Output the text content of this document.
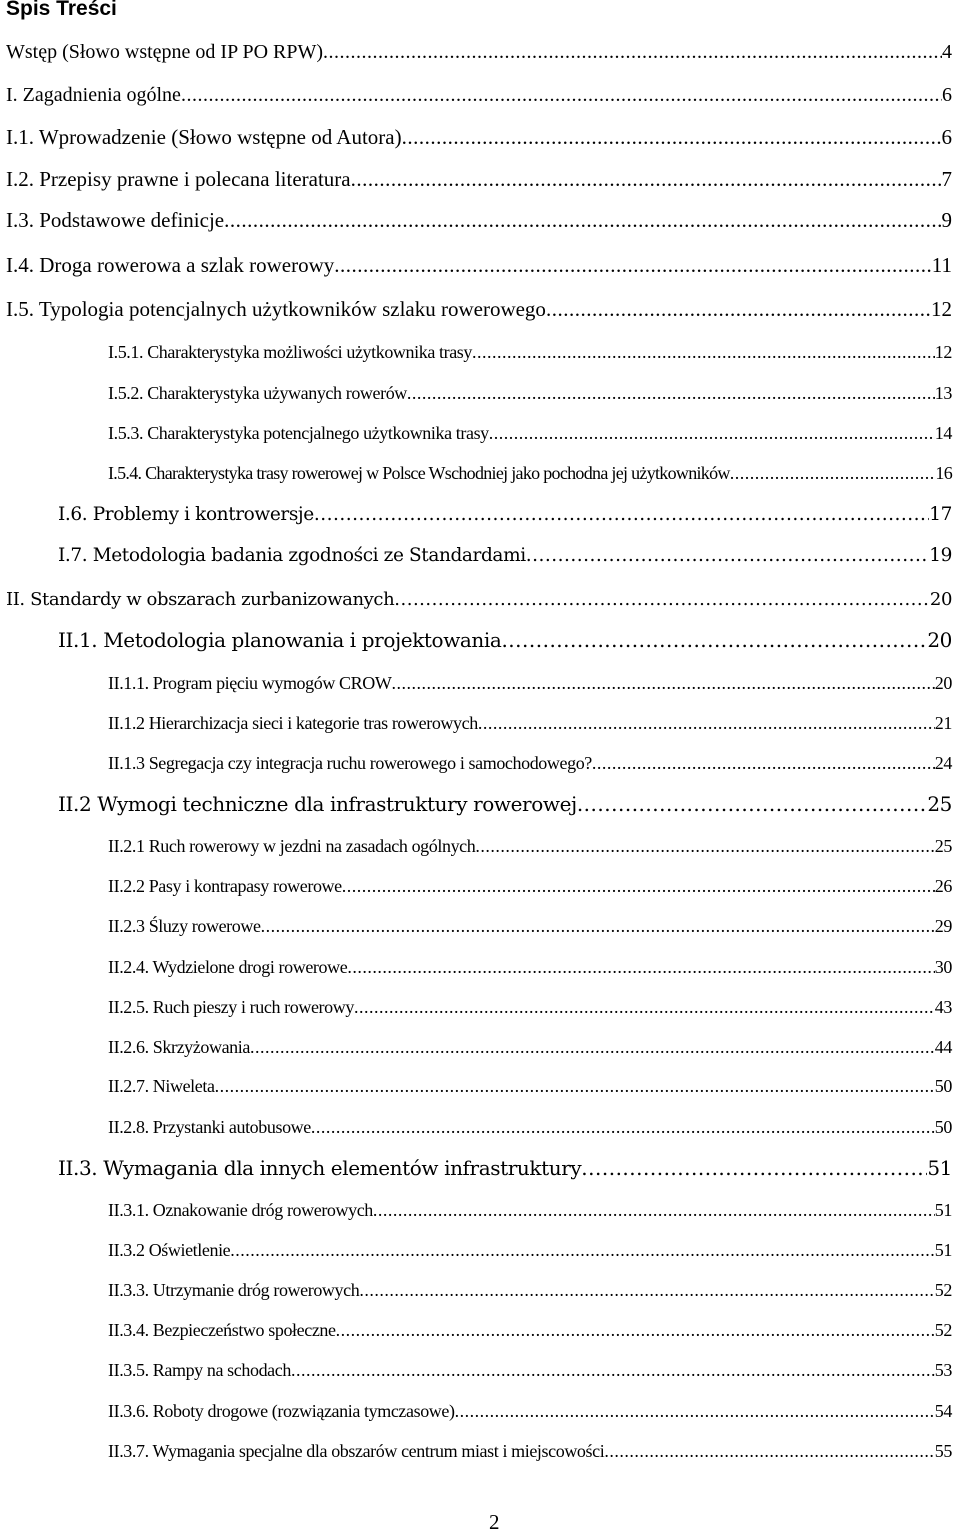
Spis Treści
Wstęp (Słowo wstępne od IP PO RPW) .....	4
I. Zagadnienia ogólne .....	6
I.1. Wprowadzenie (Słowo wstępne od Autora) .....	6
I.2. Przepisy prawne i polecana literatura .....	7
I.3. Podstawowe definicje .....	9
I.4. Droga rowerowa a szlak rowerowy .....	11
I.5. Typologia potencjalnych użytkowników szlaku rowerowego .....	12
I.5.1. Charakterystyka możliwości użytkownika trasy .....	12
I.5.2. Charakterystyka używanych rowerów .....	13
I.5.3. Charakterystyka potencjalnego użytkownika trasy .....	14
I.5.4. Charakterystyka trasy rowerowej w Polsce Wschodniej jako pochodna jej użytkowników .....	16
I.6. Problemy i kontrowersje .....	17
I.7. Metodologia badania zgodności ze Standardami .....	19
II. Standardy w obszarach zurbanizowanych .....	20
II.1. Metodologia planowania i projektowania .....	20
II.1.1. Program pięciu wymogów CROW .....	20
II.1.2 Hierarchizacja sieci i kategorie tras rowerowych .....	21
II.1.3 Segregacja czy integracja ruchu rowerowego i samochodowego? .....	24
II.2 Wymogi techniczne dla infrastruktury rowerowej .....	25
II.2.1 Ruch rowerowy w jezdni na zasadach ogólnych .....	25
II.2.2 Pasy i kontrapasy rowerowe .....	26
II.2.3 Śluzy rowerowe .....	29
II.2.4. Wydzielone drogi rowerowe .....	30
II.2.5. Ruch pieszy i ruch rowerowy .....	43
II.2.6. Skrzyżowania .....	44
II.2.7. Niweleta .....	50
II.2.8. Przystanki autobusowe .....	50
II.3. Wymagania dla innych elementów infrastruktury .....	51
II.3.1. Oznakowanie dróg rowerowych .....	51
II.3.2 Oświetlenie .....	51
II.3.3. Utrzymanie dróg rowerowych .....	52
II.3.4. Bezpieczeństwo społeczne .....	52
II.3.5. Rampy na schodach .....	53
II.3.6. Roboty drogowe (rozwiązania tymczasowe) .....	54
II.3.7. Wymagania specjalne dla obszarów centrum miast i miejscowości .....	55

2
